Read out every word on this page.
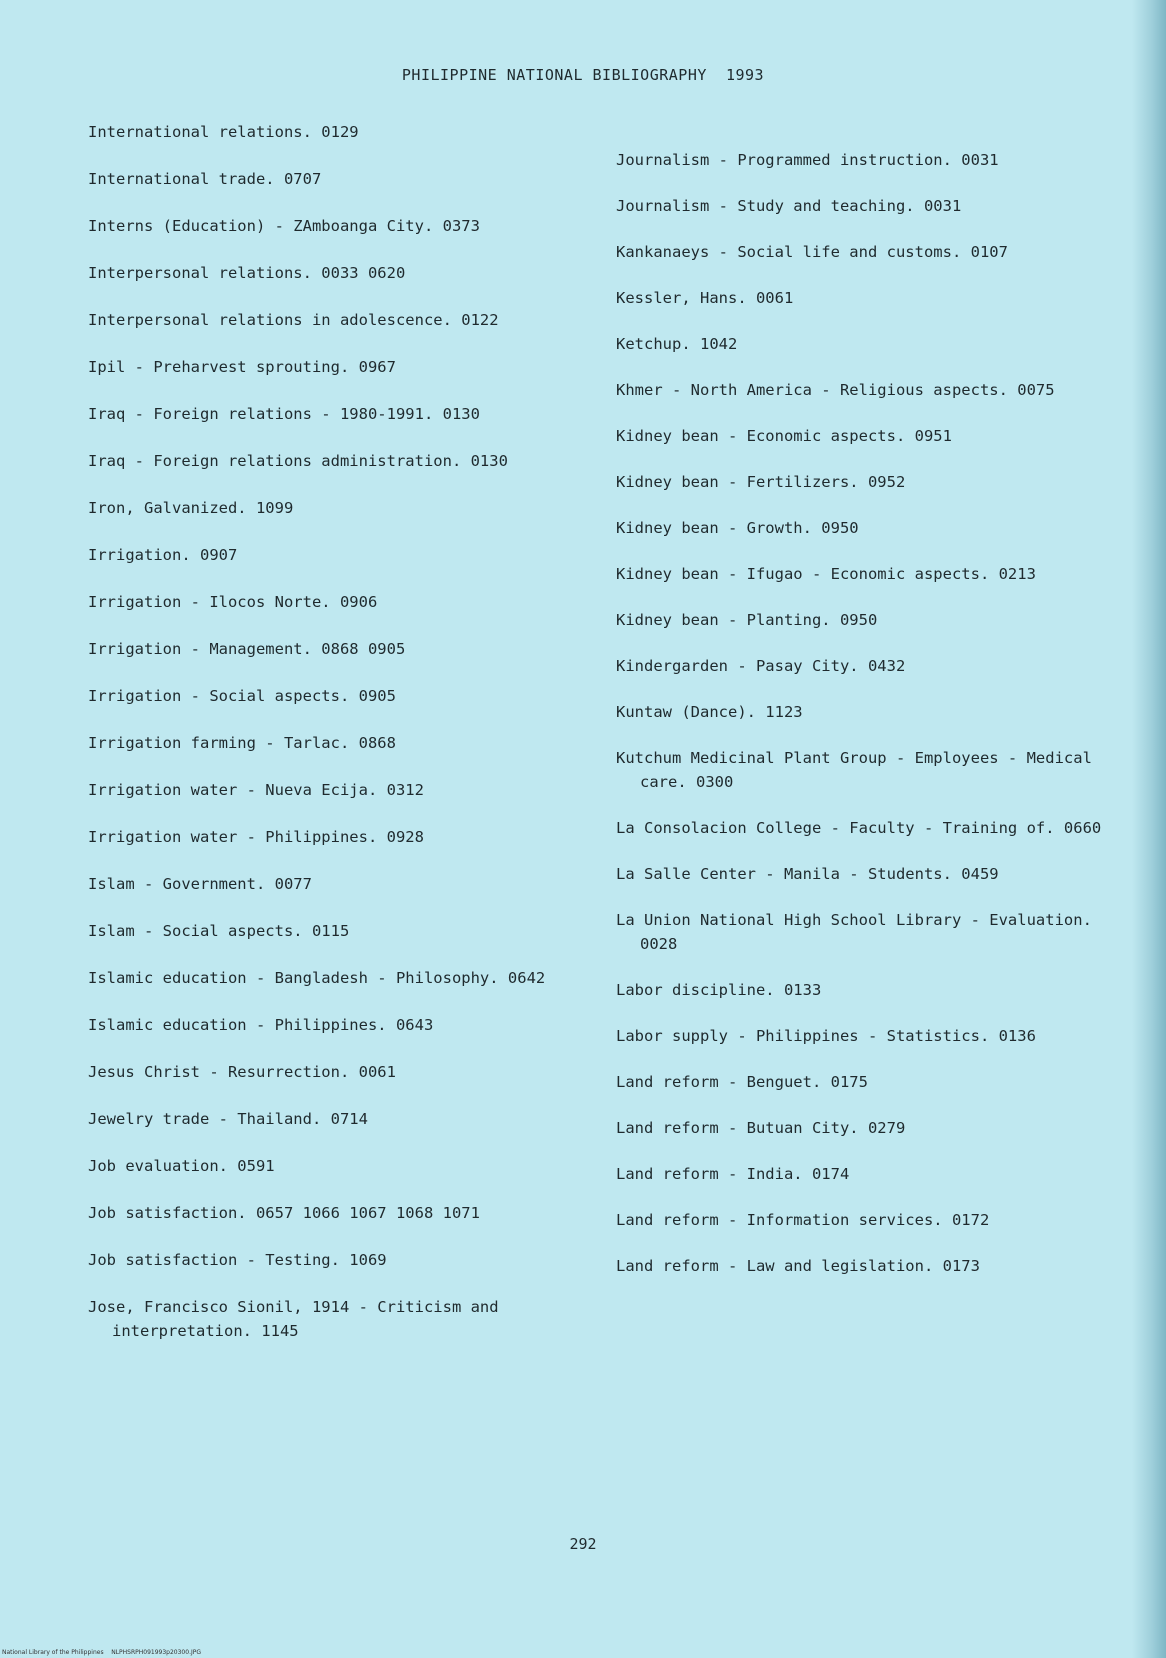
PHILIPPINE NATIONAL BIBLIOGRAPHY  1993
International relations. 0129
International trade. 0707
Interns (Education) - ZAmboanga City. 0373
Interpersonal relations. 0033 0620
Interpersonal relations in adolescence. 0122
Ipil - Preharvest sprouting. 0967
Iraq - Foreign relations - 1980-1991. 0130
Iraq - Foreign relations administration. 0130
Iron, Galvanized. 1099
Irrigation. 0907
Irrigation - Ilocos Norte. 0906
Irrigation - Management. 0868 0905
Irrigation - Social aspects. 0905
Irrigation farming - Tarlac. 0868
Irrigation water - Nueva Ecija. 0312
Irrigation water - Philippines. 0928
Islam - Government. 0077
Islam - Social aspects. 0115
Islamic education - Bangladesh - Philosophy. 0642
Islamic education - Philippines. 0643
Jesus Christ - Resurrection. 0061
Jewelry trade - Thailand. 0714
Job evaluation. 0591
Job satisfaction. 0657 1066 1067 1068 1071
Job satisfaction - Testing. 1069
Jose, Francisco Sionil, 1914 - Criticism and interpretation. 1145
Journalism - Programmed instruction. 0031
Journalism - Study and teaching. 0031
Kankanaeys - Social life and customs. 0107
Kessler, Hans. 0061
Ketchup. 1042
Khmer - North America - Religious aspects. 0075
Kidney bean - Economic aspects. 0951
Kidney bean - Fertilizers. 0952
Kidney bean - Growth. 0950
Kidney bean - Ifugao - Economic aspects. 0213
Kidney bean - Planting. 0950
Kindergarden - Pasay City. 0432
Kuntaw (Dance). 1123
Kutchum Medicinal Plant Group - Employees - Medical care. 0300
La Consolacion College - Faculty - Training of. 0660
La Salle Center - Manila - Students. 0459
La Union National High School Library - Evaluation. 0028
Labor discipline. 0133
Labor supply - Philippines - Statistics. 0136
Land reform - Benguet. 0175
Land reform - Butuan City. 0279
Land reform - India. 0174
Land reform - Information services. 0172
Land reform - Law and legislation. 0173
292
National Library of the Philippines    NLPHSRPH091993p20300.JPG
